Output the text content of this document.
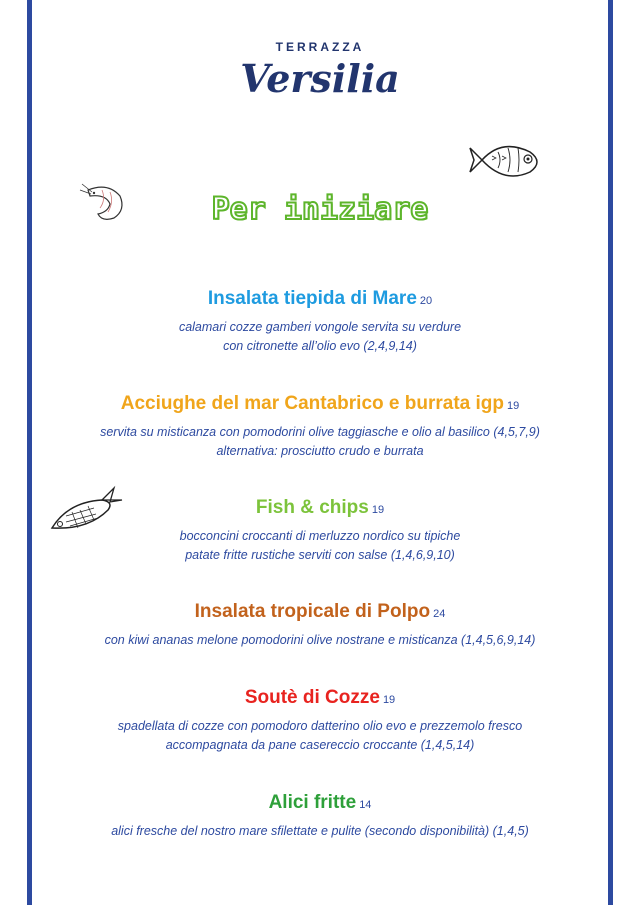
TERRAZZA
Versilia
Per iniziare
Insalata tiepida di Mare 20
calamari cozze gamberi vongole servita su verdure
con citronette all’olio evo (2,4,9,14)
Acciughe del mar Cantabrico e burrata igp 19
servita su misticanza con pomodorini olive taggiasche e olio al basilico (4,5,7,9)
alternativa: prosciutto crudo e burrata
Fish & chips 19
bocconcini croccanti di merluzzo nordico su tipiche
patate fritte rustiche serviti con salse (1,4,6,9,10)
Insalata tropicale di Polpo 24
con kiwi ananas melone pomodorini olive nostrane e misticanza (1,4,5,6,9,14)
Soutè di Cozze 19
spadellata di cozze con pomodoro datterino olio evo e prezzemolo fresco
accompagnata da pane casereccio croccante (1,4,5,14)
Alici fritte 14
alici fresche del nostro mare sfilettate e pulite (secondo disponibilità) (1,4,5)
